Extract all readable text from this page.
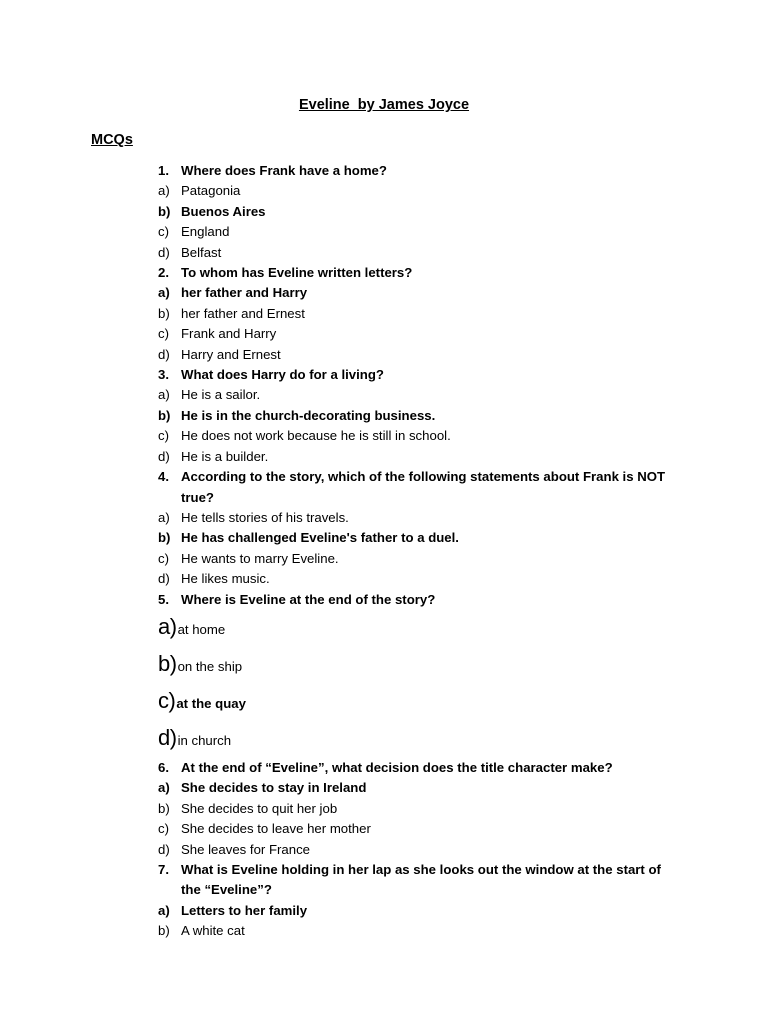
Eveline  by James Joyce
MCQs
1. Where does Frank have a home?
a) Patagonia
b) Buenos Aires
c) England
d) Belfast
2. To whom has Eveline written letters?
a) her father and Harry
b) her father and Ernest
c) Frank and Harry
d) Harry and Ernest
3. What does Harry do for a living?
a) He is a sailor.
b) He is in the church-decorating business.
c) He does not work because he is still in school.
d) He is a builder.
4. According to the story, which of the following statements about Frank is NOT true?
a) He tells stories of his travels.
b) He has challenged Eveline's father to a duel.
c) He wants to marry Eveline.
d) He likes music.
5. Where is Eveline at the end of the story?
a) at home
b) on the ship
c) at the quay
d) in church
6. At the end of “Eveline”, what decision does the title character make?
a) She decides to stay in Ireland
b) She decides to quit her job
c) She decides to leave her mother
d) She leaves for France
7. What is Eveline holding in her lap as she looks out the window at the start of the “Eveline”?
a) Letters to her family
b) A white cat
